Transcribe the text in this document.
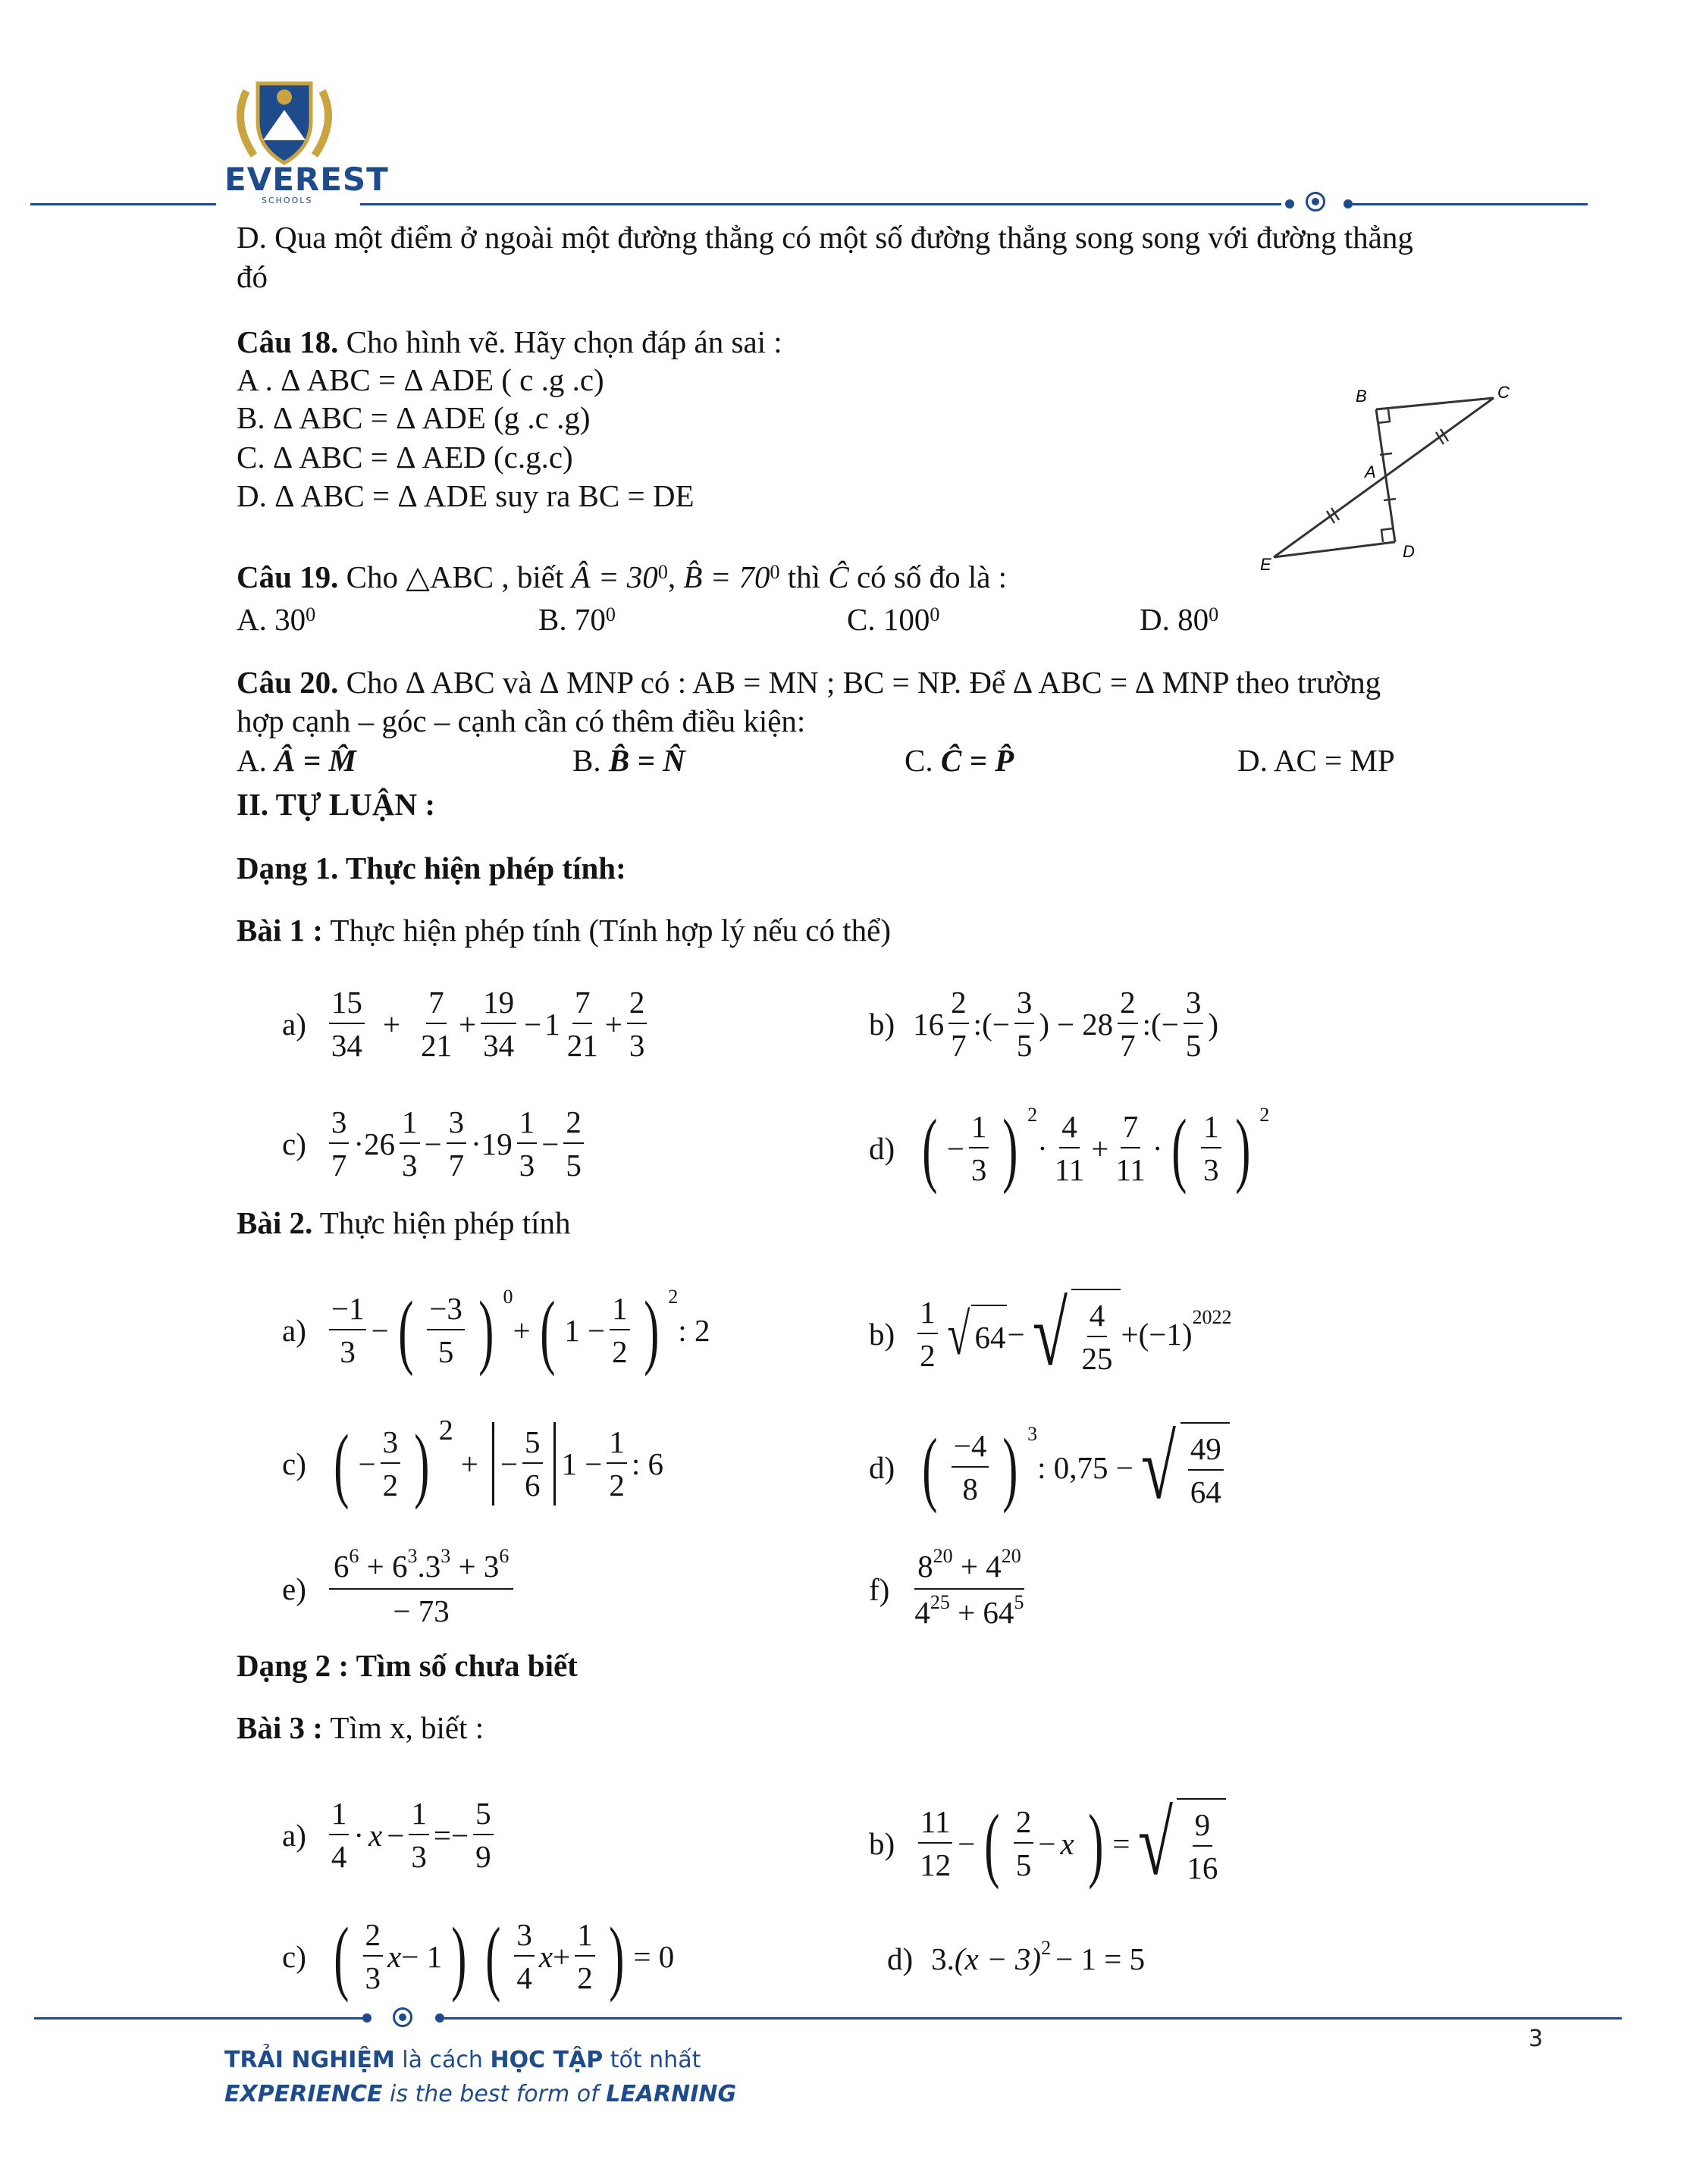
EVEREST
SCHOOLS
D. Qua một điểm ở ngoài một đường thẳng có một số đường thẳng song song với đường thẳng
đó
Câu 18. Cho hình vẽ. Hãy chọn đáp án sai :
A . Δ ABC = Δ ADE ( c .g .c)
B. Δ ABC = Δ ADE (g .c .g)
C. Δ ABC = Δ AED (c.g.c)
D. Δ ABC = Δ ADE suy ra BC = DE
B	C
A
D
E
Câu 19. Cho △ABC , biết Â = $30^0$, B̂ = $70^0$ thì Ĉ có số đo là :
A. $30^0$	B. $70^0$	C. $100^0$	D. $80^0$
Câu 20. Cho ∆ ABC và ∆ MNP có : AB = MN ; BC = NP. Để ∆ ABC = ∆ MNP theo trường
hợp cạnh – góc – cạnh cần có thêm điều kiện:
A. Â = M̂	B. B̂ = N̂	C. Ĉ = P̂	D. AC = MP
II. TỰ LUẬN :
Dạng 1. Thực hiện phép tính:
Bài 1 : Thực hiện phép tính (Tính hợp lý nếu có thể)
$a) \frac{15}{34} + \frac{7}{21} + \frac{19}{34} - 1 \frac{7}{21} + \frac{2}{3}$	b) $16 \frac{2}{7}$ : ( − $\frac{3}{5}$ ) − $28 \frac{2}{7}$ : ( − $\frac{3}{5}$ )
$c) \frac{3}{7} \cdot 26 \frac{1}{3} - \frac{3}{7} \cdot 19 \frac{1}{3} - \frac{2}{5}$	d) ( − $\frac{1}{3}$ ) $^2$
· $\frac{4}{11} + \frac{7}{11}$ · ( $\frac{1}{3}$ ) $^2$
Bài 2. Thực hiện phép tính
$a) \frac{-1}{3}$ − ( $\frac{-3}{5}$ ) $^0$
+ ( $1 - \frac{1}{2}$ ) $^2$
: 2	$b) \frac{1}{2}$ √ 64 − √ $\frac{4}{25} + (-1)^{2022}$
c) ( − $\frac{3}{2}$ ) $^2$
+ − $\frac{5}{6} 1 - \frac{1}{2}$ : 6	d) ( $\frac{-4}{8}$ ) $^3$
: 0,75 − √ $\frac{49}{64}$
$e) \frac{6^6 + 6^3.3^3 + 3^6}{- 73}$	$f) \frac{8^{20} + 4^{20}}{4^{25} + 64^5}$
Dạng 2 : Tìm số chưa biết
Bài 3 : Tìm x, biết :
$a) \frac{1}{4} \cdot x - \frac{1}{3}$ = − $\frac{5}{9}$	$b) \frac{11}{12}$ − ( $\frac{2}{5} - x$ ) = √ $\frac{9}{16}$
c) ( $\frac{2}{3}$ x − 1 ) ( $\frac{3}{4}$ $x + \frac{1}{2}$ ) = 0	d) 3. $(x - 3)^2 - 1 = 5$
3
TRẢI NGHIỆM là cách HỌC TẬP tốt nhất
EXPERIENCE is the best form of LEARNING
